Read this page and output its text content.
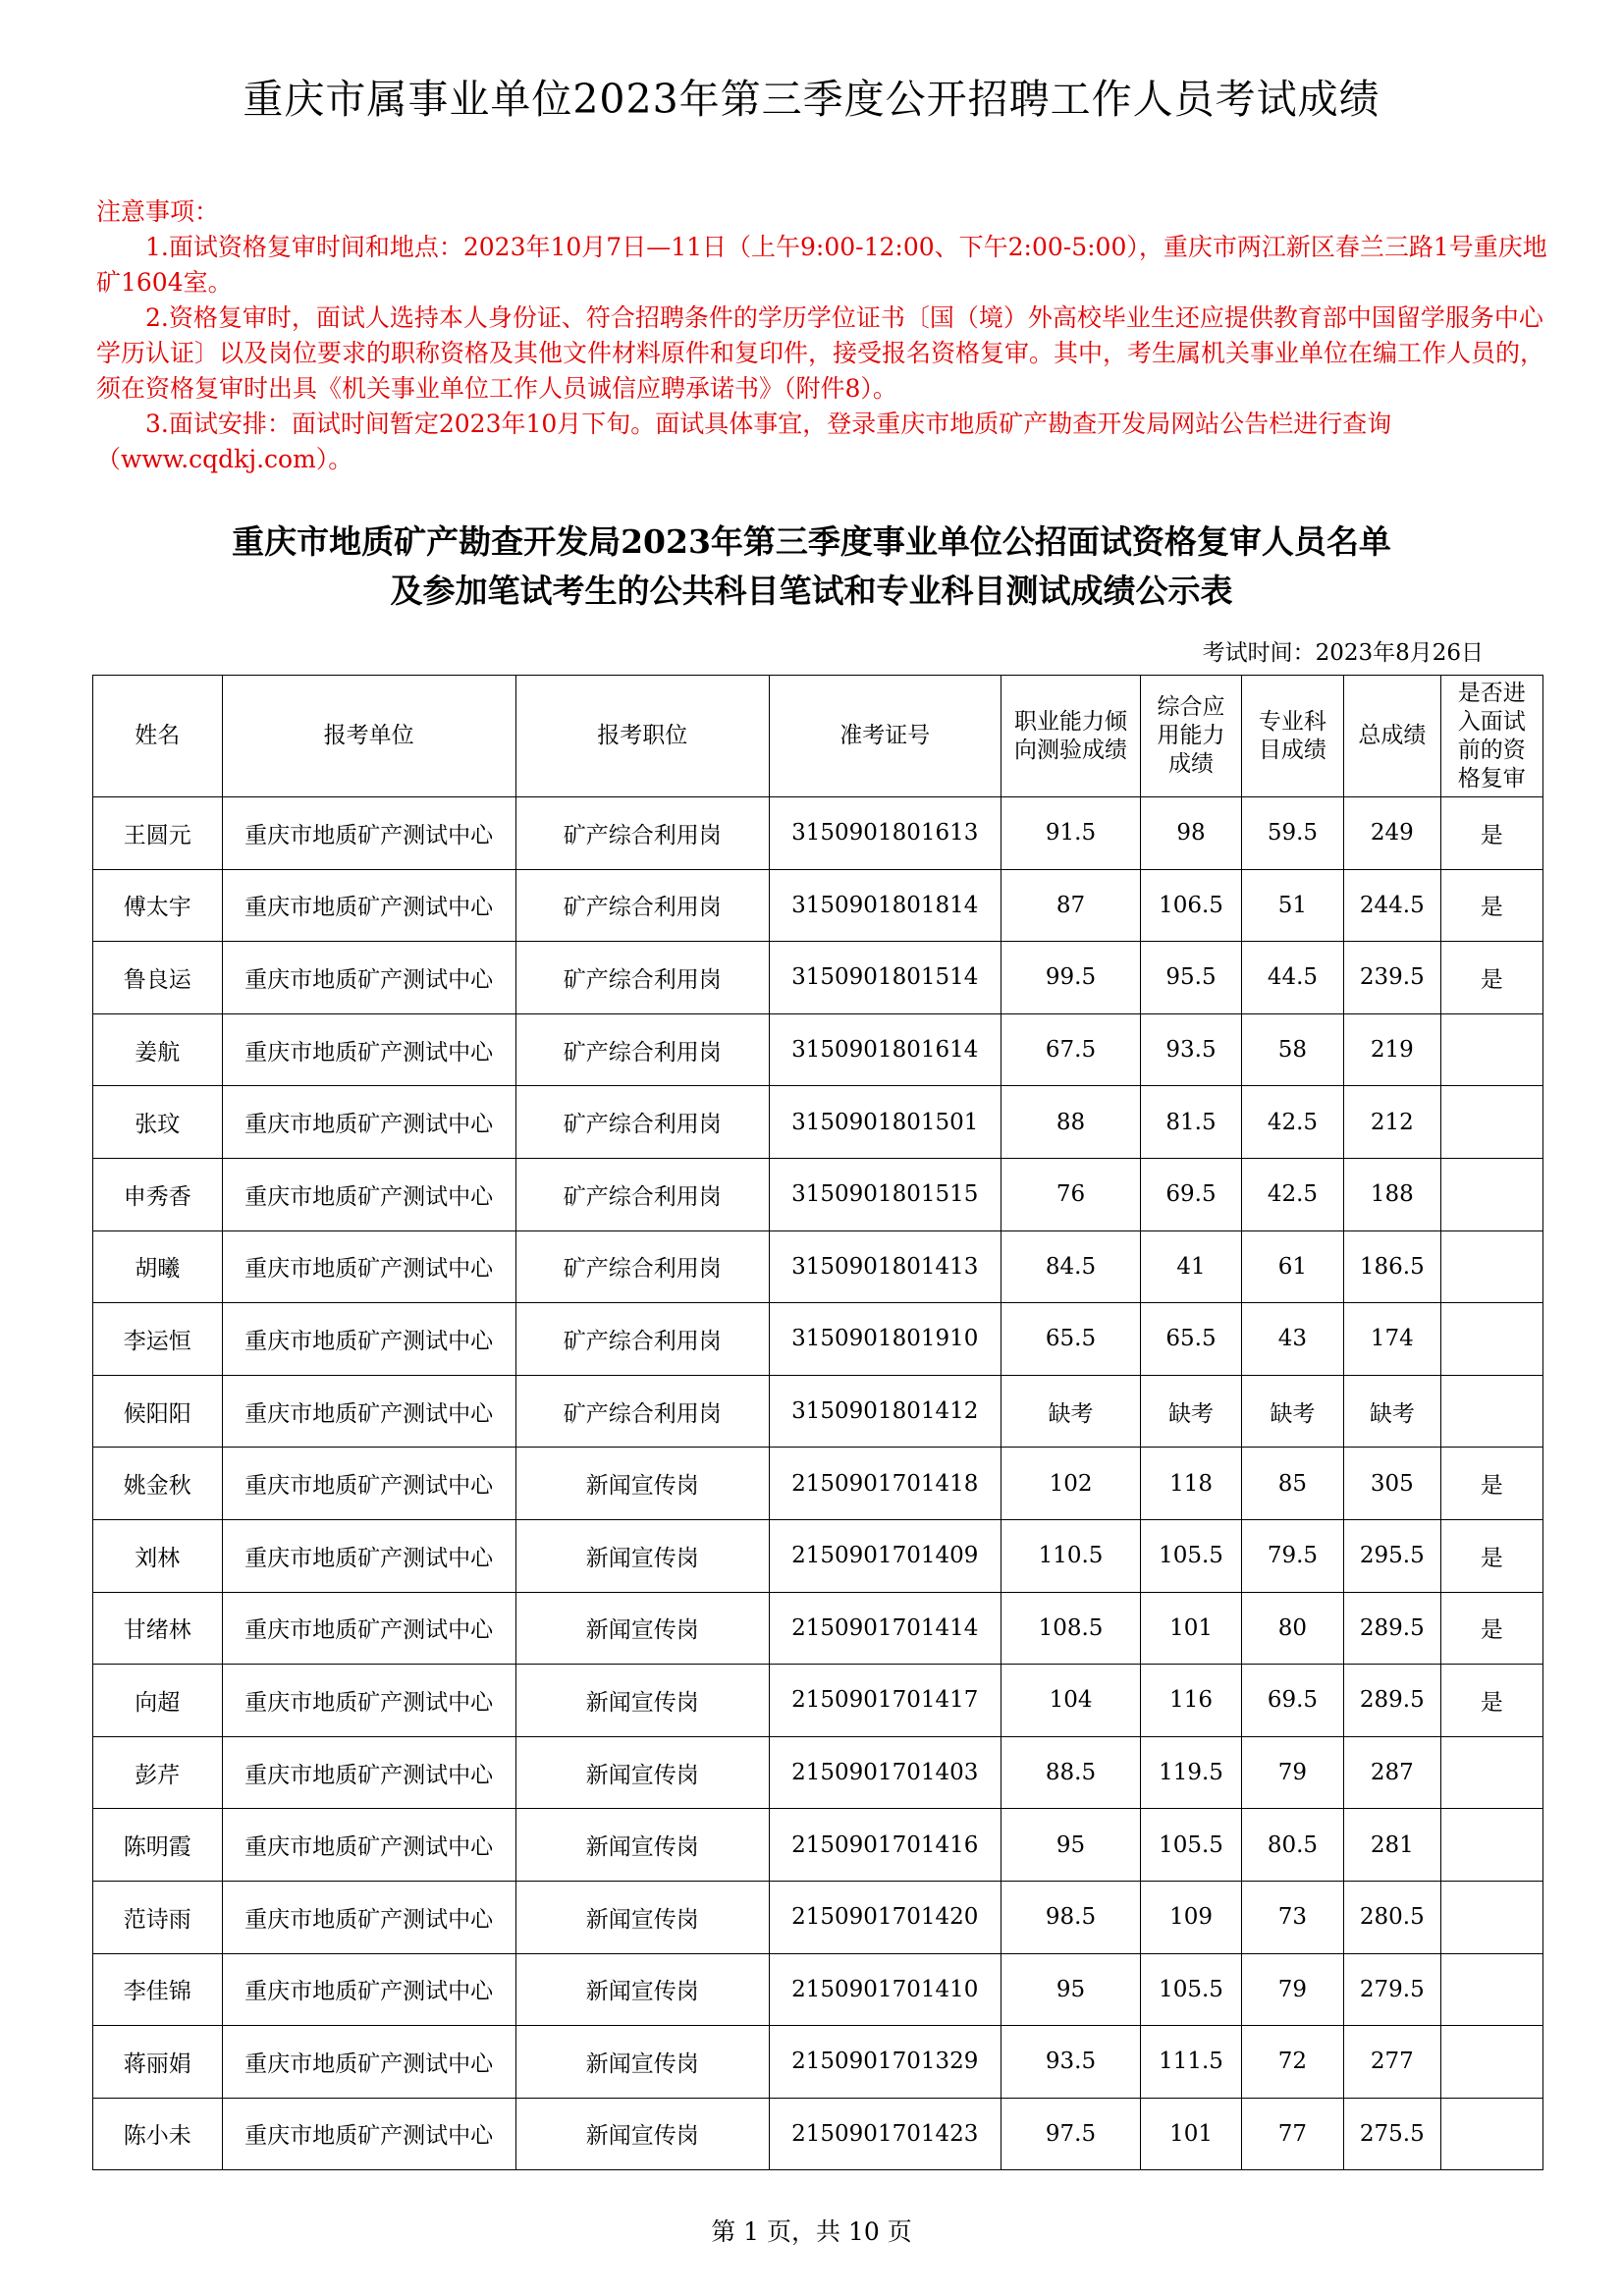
重庆市属事业单位2023年第三季度公开招聘工作人员考试成绩

注意事项：

1.面试资格复审时间和地点：2023年10月7日—11日（上午9:00-12:00、下午2:00-5:00），重庆市两江新区春兰三路1号重庆地矿1604室。

2.资格复审时，面试人选持本人身份证、符合招聘条件的学历学位证书〔国（境）外高校毕业生还应提供教育部中国留学服务中心学历认证〕以及岗位要求的职称资格及其他文件材料原件和复印件，接受报名资格复审。其中，考生属机关事业单位在编工作人员的，须在资格复审时出具《机关事业单位工作人员诚信应聘承诺书》（附件8）。

3.面试安排：面试时间暂定2023年10月下旬。面试具体事宜，登录重庆市地质矿产勘查开发局网站公告栏进行查询（www.cqdkj.com）。

重庆市地质矿产勘查开发局2023年第三季度事业单位公招面试资格复审人员名单
及参加笔试考生的公共科目笔试和专业科目测试成绩公示表
考试时间：2023年8月26日
姓名	报考单位	报考职位	准考证号	职业能力倾向测验成绩	综合应用能力成绩	专业科目成绩	总成绩	是否进入面试前的资格复审
王圆元	重庆市地质矿产测试中心	矿产综合利用岗	3150901801613	91.5	98	59.5	249	是
傅太宇	重庆市地质矿产测试中心	矿产综合利用岗	3150901801814	87	106.5	51	244.5	是
鲁良运	重庆市地质矿产测试中心	矿产综合利用岗	3150901801514	99.5	95.5	44.5	239.5	是
姜航	重庆市地质矿产测试中心	矿产综合利用岗	3150901801614	67.5	93.5	58	219	
张玟	重庆市地质矿产测试中心	矿产综合利用岗	3150901801501	88	81.5	42.5	212	
申秀香	重庆市地质矿产测试中心	矿产综合利用岗	3150901801515	76	69.5	42.5	188	
胡曦	重庆市地质矿产测试中心	矿产综合利用岗	3150901801413	84.5	41	61	186.5	
李运恒	重庆市地质矿产测试中心	矿产综合利用岗	3150901801910	65.5	65.5	43	174	
候阳阳	重庆市地质矿产测试中心	矿产综合利用岗	3150901801412	缺考	缺考	缺考	缺考	
姚金秋	重庆市地质矿产测试中心	新闻宣传岗	2150901701418	102	118	85	305	是
刘林	重庆市地质矿产测试中心	新闻宣传岗	2150901701409	110.5	105.5	79.5	295.5	是
甘绪林	重庆市地质矿产测试中心	新闻宣传岗	2150901701414	108.5	101	80	289.5	是
向超	重庆市地质矿产测试中心	新闻宣传岗	2150901701417	104	116	69.5	289.5	是
彭芹	重庆市地质矿产测试中心	新闻宣传岗	2150901701403	88.5	119.5	79	287	
陈明霞	重庆市地质矿产测试中心	新闻宣传岗	2150901701416	95	105.5	80.5	281	
范诗雨	重庆市地质矿产测试中心	新闻宣传岗	2150901701420	98.5	109	73	280.5	
李佳锦	重庆市地质矿产测试中心	新闻宣传岗	2150901701410	95	105.5	79	279.5	
蒋丽娟	重庆市地质矿产测试中心	新闻宣传岗	2150901701329	93.5	111.5	72	277	
陈小未	重庆市地质矿产测试中心	新闻宣传岗	2150901701423	97.5	101	77	275.5	
第 1 页，共 10 页
